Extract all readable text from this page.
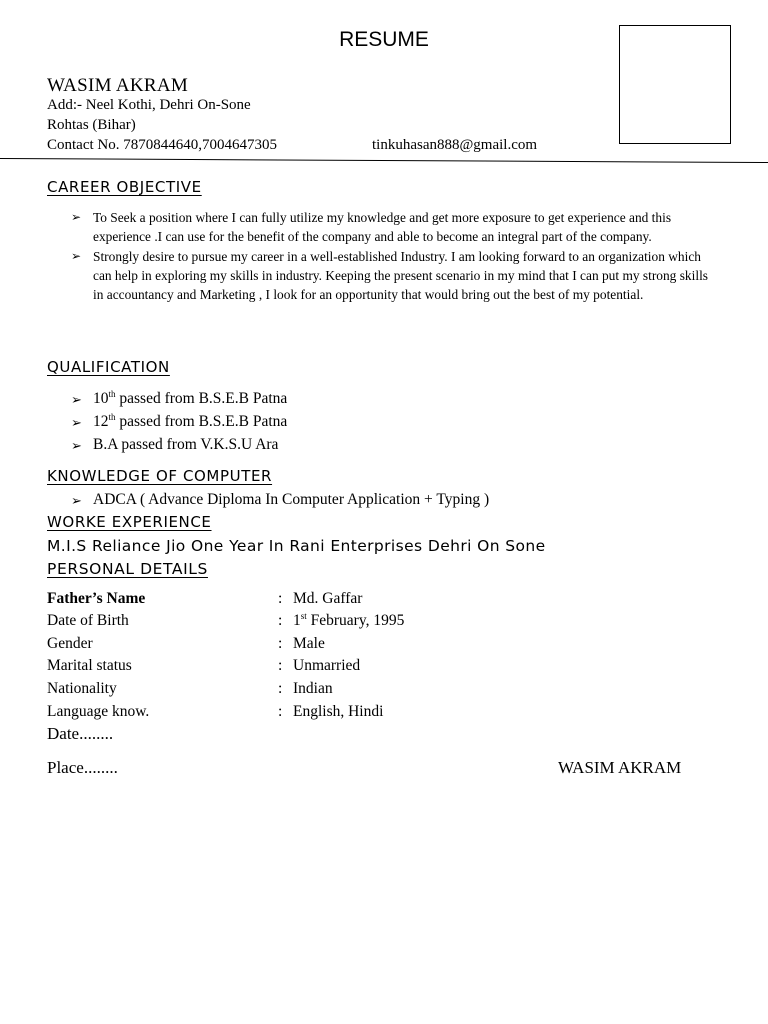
RESUME
WASIM AKRAM
Add:- Neel Kothi, Dehri On-Sone
Rohtas (Bihar)
Contact No. 7870844640,7004647305	tinkuhasan888@gmail.com
CAREER OBJECTIVE
➢ To Seek a position where I can fully utilize my knowledge and get more exposure to get experience and this experience .I can use for the benefit of the company and able to become an integral part of the company.
➢ Strongly desire to pursue my career in a well-established Industry. I am looking forward to an organization which can help in exploring my skills in industry. Keeping the present scenario in my mind that I can put my strong skills in accountancy and Marketing , I look for an opportunity that would bring out the best of my potential.
QUALIFICATION
➢ 10th passed from B.S.E.B Patna
➢ 12th passed from B.S.E.B Patna
➢ B.A passed from V.K.S.U Ara
KNOWLEDGE OF COMPUTER
➢ ADCA ( Advance Diploma In Computer Application + Typing )
WORKE EXPERIENCE
M.I.S Reliance Jio One Year In Rani Enterprises Dehri On Sone
PERSONAL DETAILS
Father’s Name	: Md. Gaffar
Date of Birth	: 1st February, 1995
Gender	: Male
Marital status	: Unmarried
Nationality	: Indian
Language know.	: English, Hindi
Date........
Place........	WASIM AKRAM
